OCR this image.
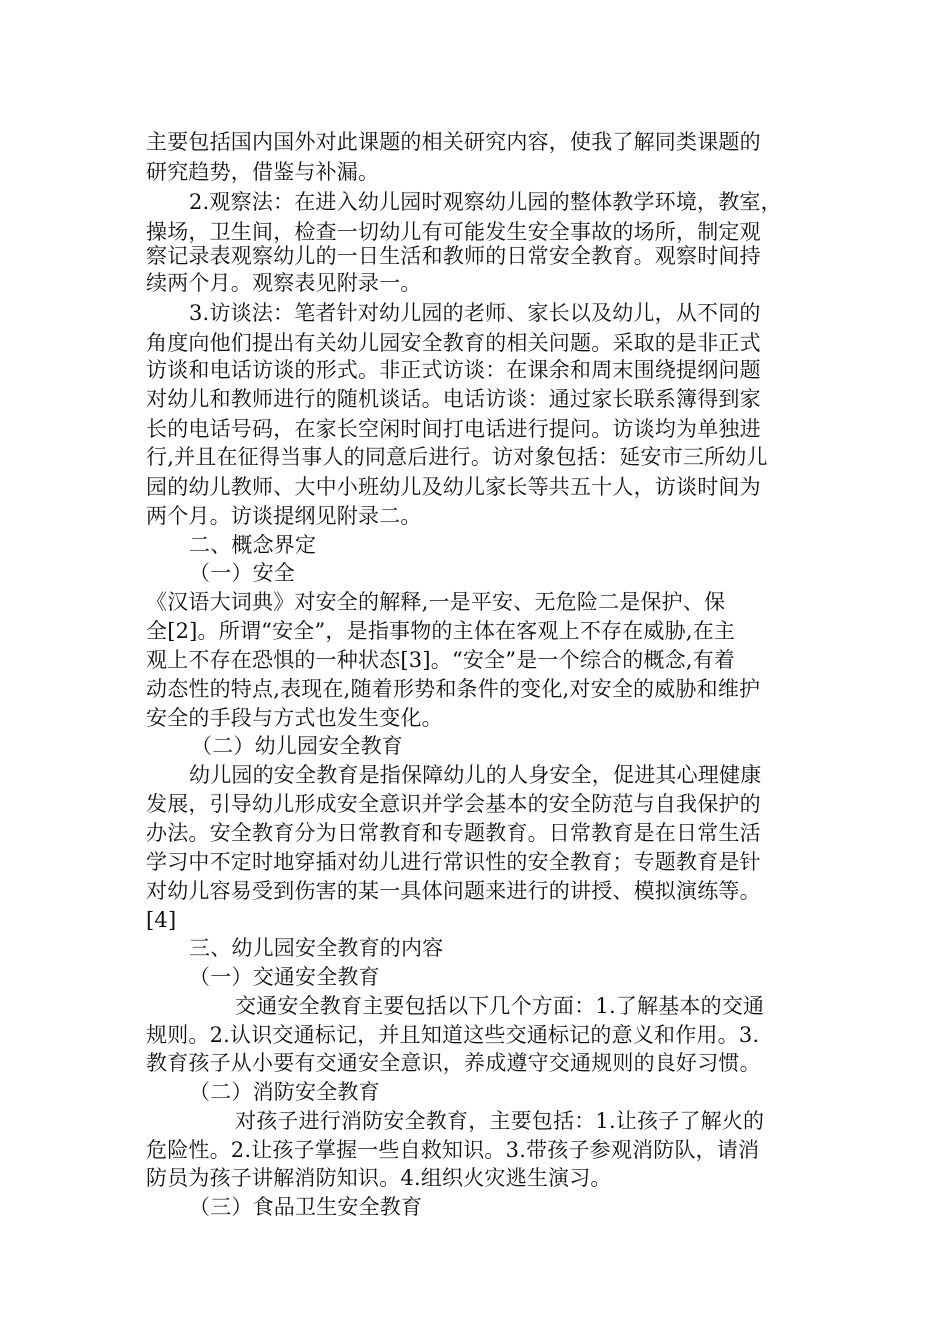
主要包括国内国外对此课题的相关研究内容，使我了解同类课题的
研究趋势，借鉴与补漏。
2.观察法：在进入幼儿园时观察幼儿园的整体教学环境，教室，
操场，卫生间，检查一切幼儿有可能发生安全事故的场所，制定观
察记录表观察幼儿的一日生活和教师的日常安全教育。观察时间持
续两个月。观察表见附录一。
3.访谈法：笔者针对幼儿园的老师、家长以及幼儿，从不同的
角度向他们提出有关幼儿园安全教育的相关问题。采取的是非正式
访谈和电话访谈的形式。非正式访谈：在课余和周末围绕提纲问题
对幼儿和教师进行的随机谈话。电话访谈：通过家长联系簿得到家
长的电话号码，在家长空闲时间打电话进行提问。访谈均为单独进
行,并且在征得当事人的同意后进行。访对象包括：延安市三所幼儿
园的幼儿教师、大中小班幼儿及幼儿家长等共五十人，访谈时间为
两个月。访谈提纲见附录二。
二、概念界定
（一）安全
《汉语大词典》对安全的解释,一是平安、无危险二是保护、保
全[2]。所谓“安全”，是指事物的主体在客观上不存在威胁,在主
观上不存在恐惧的一种状态[3]。“安全”是一个综合的概念,有着
动态性的特点,表现在,随着形势和条件的变化,对安全的威胁和维护
安全的手段与方式也发生变化。
（二）幼儿园安全教育
幼儿园的安全教育是指保障幼儿的人身安全，促进其心理健康
发展，引导幼儿形成安全意识并学会基本的安全防范与自我保护的
办法。安全教育分为日常教育和专题教育。日常教育是在日常生活
学习中不定时地穿插对幼儿进行常识性的安全教育；专题教育是针
对幼儿容易受到伤害的某一具体问题来进行的讲授、模拟演练等。
[4]
三、幼儿园安全教育的内容
（一）交通安全教育
交通安全教育主要包括以下几个方面：1.了解基本的交通
规则。2.认识交通标记，并且知道这些交通标记的意义和作用。3.
教育孩子从小要有交通安全意识，养成遵守交通规则的良好习惯。
（二）消防安全教育
对孩子进行消防安全教育，主要包括：1.让孩子了解火的
危险性。2.让孩子掌握一些自救知识。3.带孩子参观消防队，请消
防员为孩子讲解消防知识。4.组织火灾逃生演习。
（三）食品卫生安全教育
